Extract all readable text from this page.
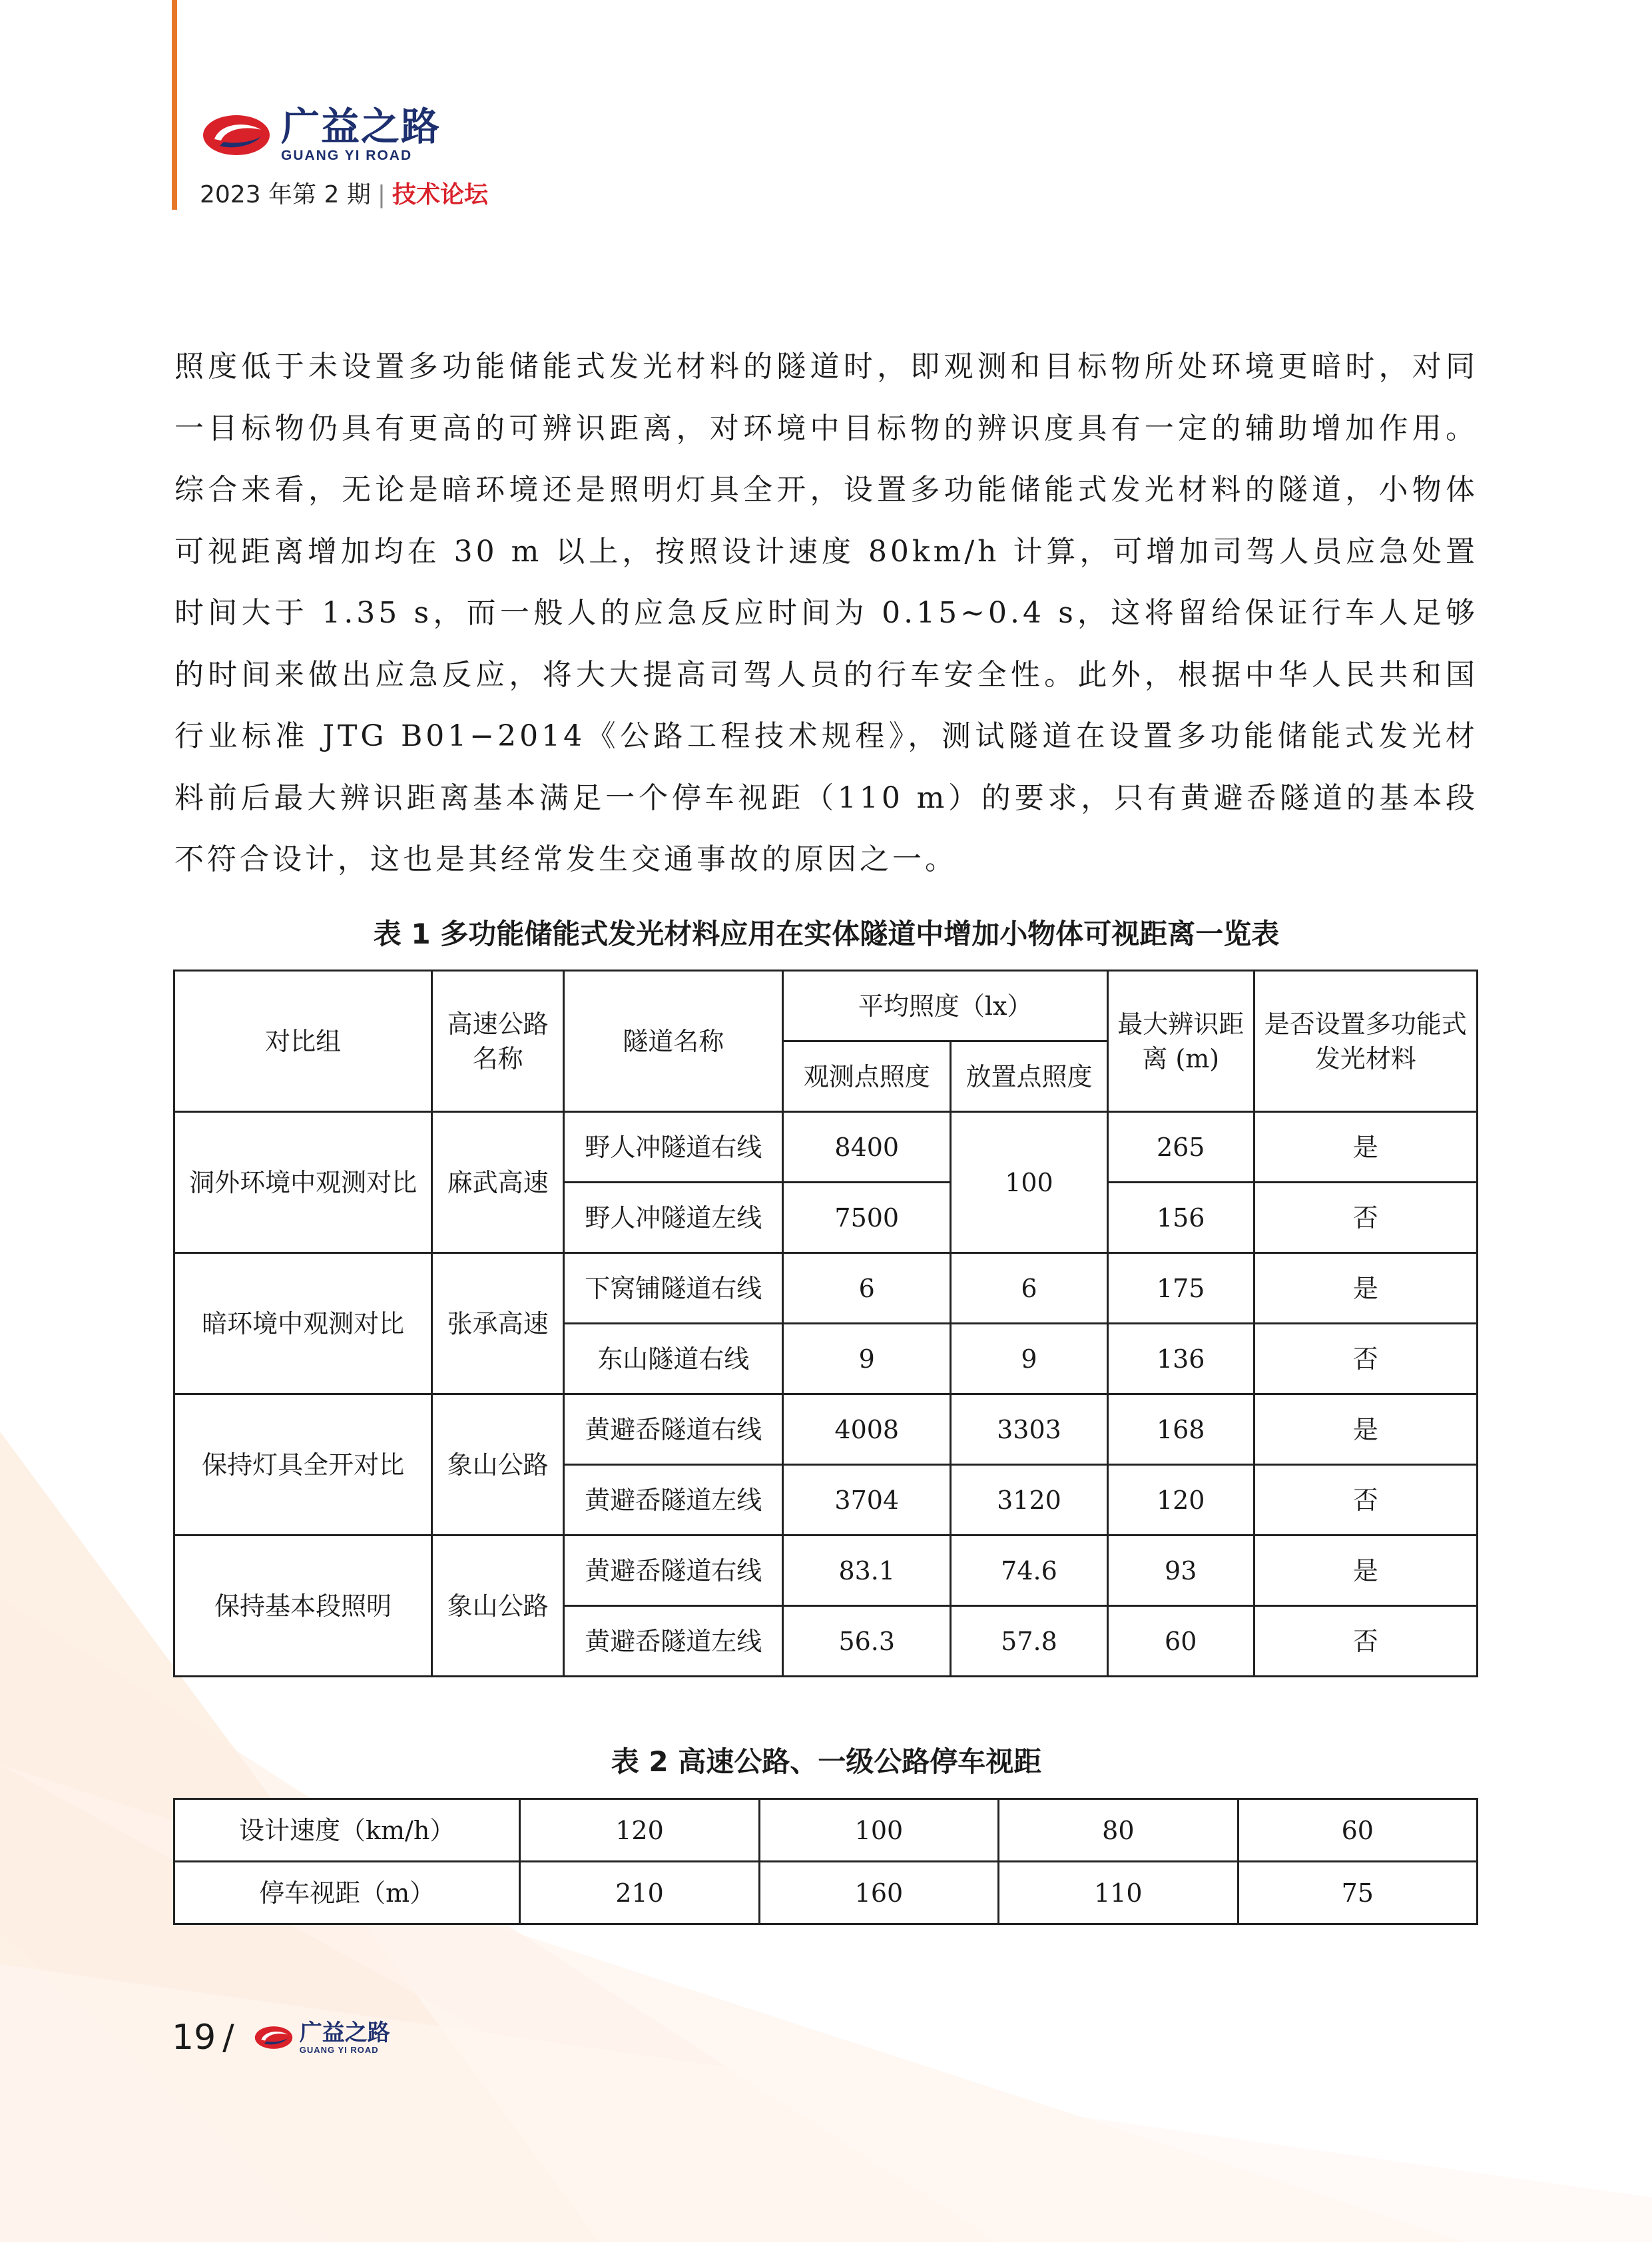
广益之路
GUANG YI ROAD
2023 年第 2 期 | 技术论坛
照度低于未设置多功能储能式发光材料的隧道时，即观测和目标物所处环境更暗时，对同一目标物仍具有更高的可辨识距离，对环境中目标物的辨识度具有一定的辅助增加作用。综合来看，无论是暗环境还是照明灯具全开，设置多功能储能式发光材料的隧道，小物体可视距离增加均在 30 m 以上，按照设计速度 80km/h 计算，可增加司驾人员应急处置时间大于 1.35 s，而一般人的应急反应时间为 0.15~0.4 s，这将留给保证行车人足够的时间来做出应急反应，将大大提高司驾人员的行车安全性。此外，根据中华人民共和国行业标准 JTG B01−2014《公路工程技术规程》，测试隧道在设置多功能储能式发光材料前后最大辨识距离基本满足一个停车视距（110 m）的要求，只有黄避岙隧道的基本段不符合设计，这也是其经常发生交通事故的原因之一。
表 1 多功能储能式发光材料应用在实体隧道中增加小物体可视距离一览表
对比组	高速公路名称	隧道名称	平均照度（lx）		最大辨识距离 (m)	是否设置多功能式发光材料
			观测点照度	放置点照度		
洞外环境中观测对比	麻武高速	野人冲隧道右线	8400	100	265	是
		野人冲隧道左线	7500		156	否
暗环境中观测对比	张承高速	下窝铺隧道右线	6	6	175	是
		东山隧道右线	9	9	136	否
保持灯具全开对比	象山公路	黄避岙隧道右线	4008	3303	168	是
		黄避岙隧道左线	3704	3120	120	否
保持基本段照明	象山公路	黄避岙隧道右线	83.1	74.6	93	是
		黄避岙隧道左线	56.3	57.8	60	否
表 2 高速公路、一级公路停车视距
设计速度（km/h）	120	100	80	60
停车视距（m）	210	160	110	75
19 /	广益之路
GUANG YI ROAD
